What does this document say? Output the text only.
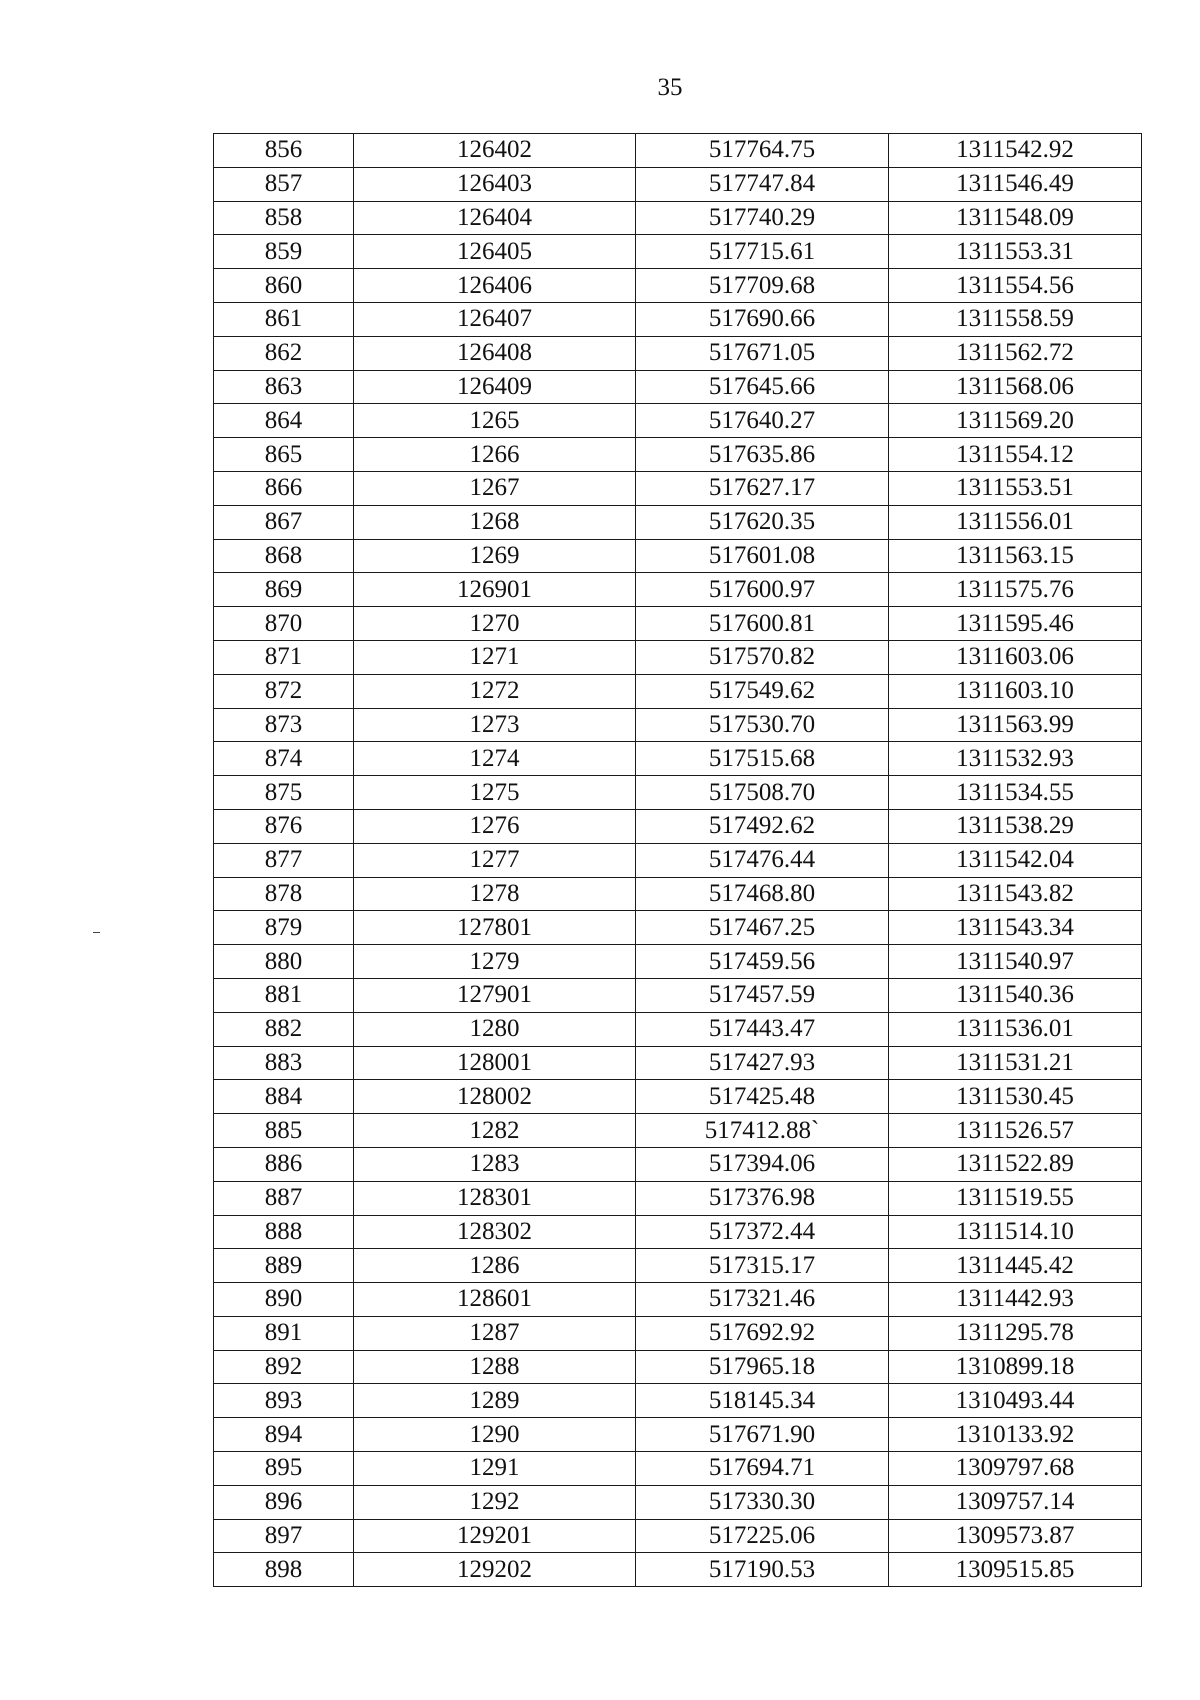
35
856	126402	517764.75	1311542.92
857	126403	517747.84	1311546.49
858	126404	517740.29	1311548.09
859	126405	517715.61	1311553.31
860	126406	517709.68	1311554.56
861	126407	517690.66	1311558.59
862	126408	517671.05	1311562.72
863	126409	517645.66	1311568.06
864	1265	517640.27	1311569.20
865	1266	517635.86	1311554.12
866	1267	517627.17	1311553.51
867	1268	517620.35	1311556.01
868	1269	517601.08	1311563.15
869	126901	517600.97	1311575.76
870	1270	517600.81	1311595.46
871	1271	517570.82	1311603.06
872	1272	517549.62	1311603.10
873	1273	517530.70	1311563.99
874	1274	517515.68	1311532.93
875	1275	517508.70	1311534.55
876	1276	517492.62	1311538.29
877	1277	517476.44	1311542.04
878	1278	517468.80	1311543.82
879	127801	517467.25	1311543.34
880	1279	517459.56	1311540.97
881	127901	517457.59	1311540.36
882	1280	517443.47	1311536.01
883	128001	517427.93	1311531.21
884	128002	517425.48	1311530.45
885	1282	517412.88`	1311526.57
886	1283	517394.06	1311522.89
887	128301	517376.98	1311519.55
888	128302	517372.44	1311514.10
889	1286	517315.17	1311445.42
890	128601	517321.46	1311442.93
891	1287	517692.92	1311295.78
892	1288	517965.18	1310899.18
893	1289	518145.34	1310493.44
894	1290	517671.90	1310133.92
895	1291	517694.71	1309797.68
896	1292	517330.30	1309757.14
897	129201	517225.06	1309573.87
898	129202	517190.53	1309515.85
